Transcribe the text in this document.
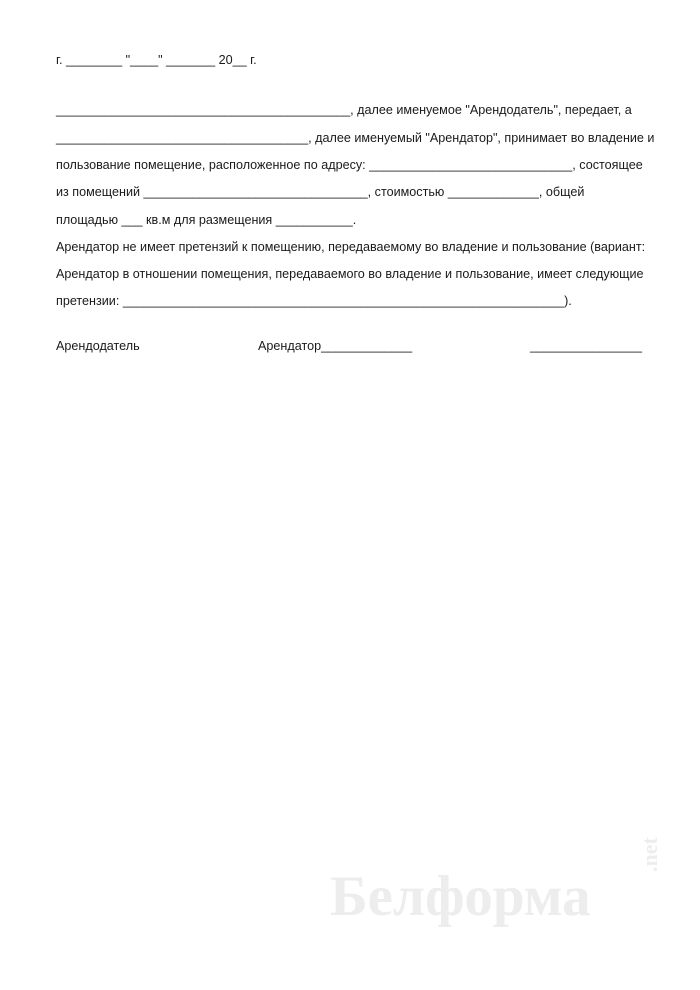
г. ________ "____" _______ 20__ г.
__________________________________________, далее именуемое "Арендодатель", передает, а
____________________________________, далее именуемый "Арендатор", принимает во владение и
пользование помещение, расположенное по адресу: _____________________________, состоящее
из помещений ________________________________, стоимостью _____________, общей
площадью ___ кв.м для размещения ___________.
Арендатор не имеет претензий к помещению, передаваемому во владение и пользование (вариант:
Арендатор в отношении помещения, передаваемого во владение и пользование, имеет следующие
претензии: _______________________________________________________________).
Арендодатель	Арендатор_____________	________________
Белформа
.net
